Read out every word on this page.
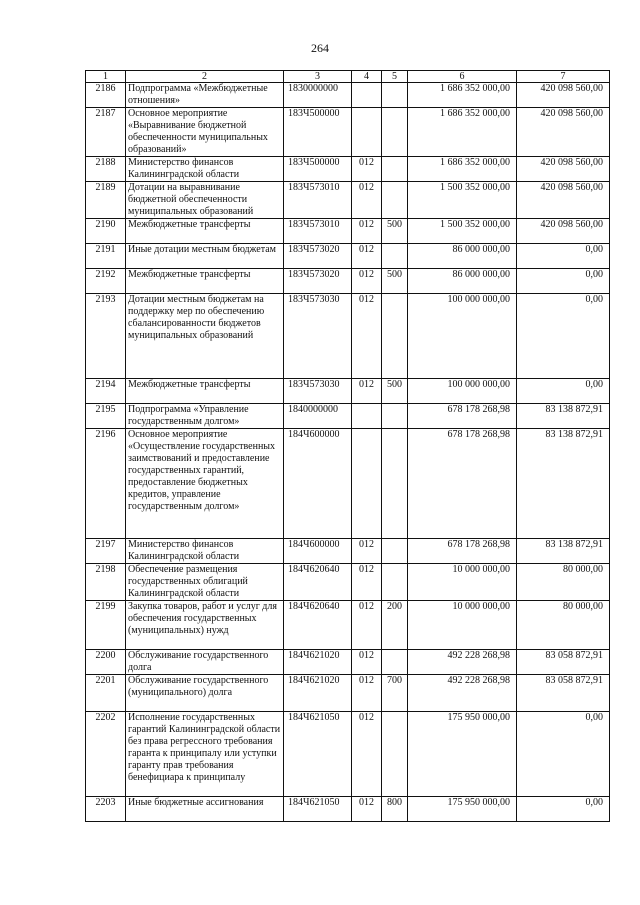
264
1	2	3	4	5	6	7
2186	Подпрограмма «Межбюджетные отношения»	1830000000			1 686 352 000,00	420 098 560,00
2187	Основное мероприятие «Выравнивание бюджетной обеспеченности муниципальных образований»	183Ч500000			1 686 352 000,00	420 098 560,00
2188	Министерство финансов Калининградской области	183Ч500000	012		1 686 352 000,00	420 098 560,00
2189	Дотации на выравнивание бюджетной обеспеченности муниципальных образований	183Ч573010	012		1 500 352 000,00	420 098 560,00
2190	Межбюджетные трансферты	183Ч573010	012	500	1 500 352 000,00	420 098 560,00
2191	Иные дотации местным бюджетам	183Ч573020	012		86 000 000,00	0,00
2192	Межбюджетные трансферты	183Ч573020	012	500	86 000 000,00	0,00
2193	Дотации местным бюджетам на поддержку мер по обеспечению сбалансированности бюджетов муниципальных образований	183Ч573030	012		100 000 000,00	0,00
2194	Межбюджетные трансферты	183Ч573030	012	500	100 000 000,00	0,00
2195	Подпрограмма «Управление государственным долгом»	1840000000			678 178 268,98	83 138 872,91
2196	Основное мероприятие «Осуществление государственных заимствований и предоставление государственных гарантий, предоставление бюджетных кредитов, управление государственным долгом»	184Ч600000			678 178 268,98	83 138 872,91
2197	Министерство финансов Калининградской области	184Ч600000	012		678 178 268,98	83 138 872,91
2198	Обеспечение размещения государственных облигаций Калининградской области	184Ч620640	012		10 000 000,00	80 000,00
2199	Закупка товаров, работ и услуг для обеспечения государственных (муниципальных) нужд	184Ч620640	012	200	10 000 000,00	80 000,00
2200	Обслуживание государственного долга	184Ч621020	012		492 228 268,98	83 058 872,91
2201	Обслуживание государственного (муниципального) долга	184Ч621020	012	700	492 228 268,98	83 058 872,91
2202	Исполнение государственных гарантий Калининградской области без права регрессного требования гаранта к принципалу или уступки гаранту прав требования бенефициара к принципалу	184Ч621050	012		175 950 000,00	0,00
2203	Иные бюджетные ассигнования	184Ч621050	012	800	175 950 000,00	0,00
